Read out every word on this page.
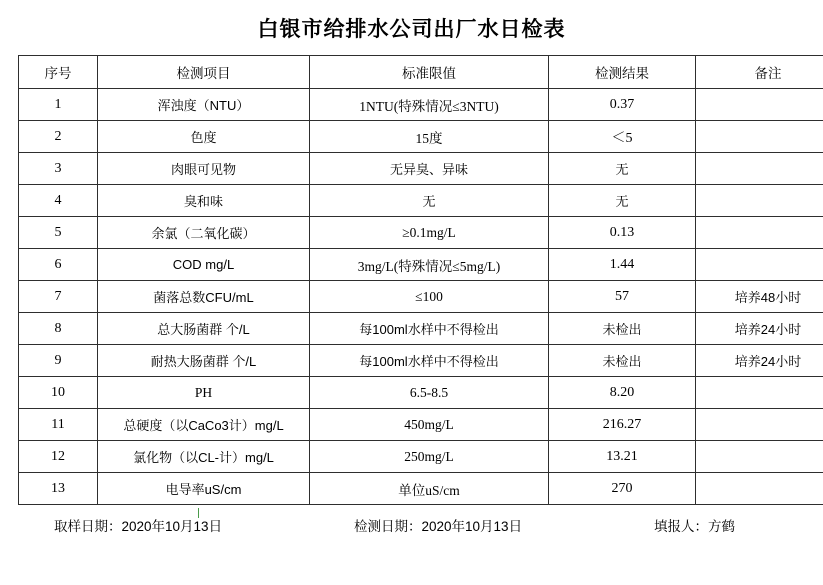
白银市给排水公司出厂水日检表
序号	检测项目	标准限值	检测结果	备注
1	浑浊度（NTU）	1NTU(特殊情况≤3NTU)	0.37	
2	色度	15度	＜5	
3	肉眼可见物	无异臭、异味	无	
4	臭和味	无	无	
5	余氯（二氧化碳）	≥0.1mg/L	0.13	
6	COD mg/L	3mg/L(特殊情况≤5mg/L)	1.44	
7	菌落总数CFU/mL	≤100	57	培养48小时
8	总大肠菌群 个/L	每100ml水样中不得检出	未检出	培养24小时
9	耐热大肠菌群 个/L	每100ml水样中不得检出	未检出	培养24小时
10	PH	6.5-8.5	8.20	
11	总硬度（以CaCo3计）mg/L	450mg/L	216.27	
12	氯化物（以CL-计）mg/L	250mg/L	13.21	
13	电导率uS/cm	单位uS/cm	270	
取样日期：2020年10月13日	检测日期：2020年10月13日	填报人：方鹤
